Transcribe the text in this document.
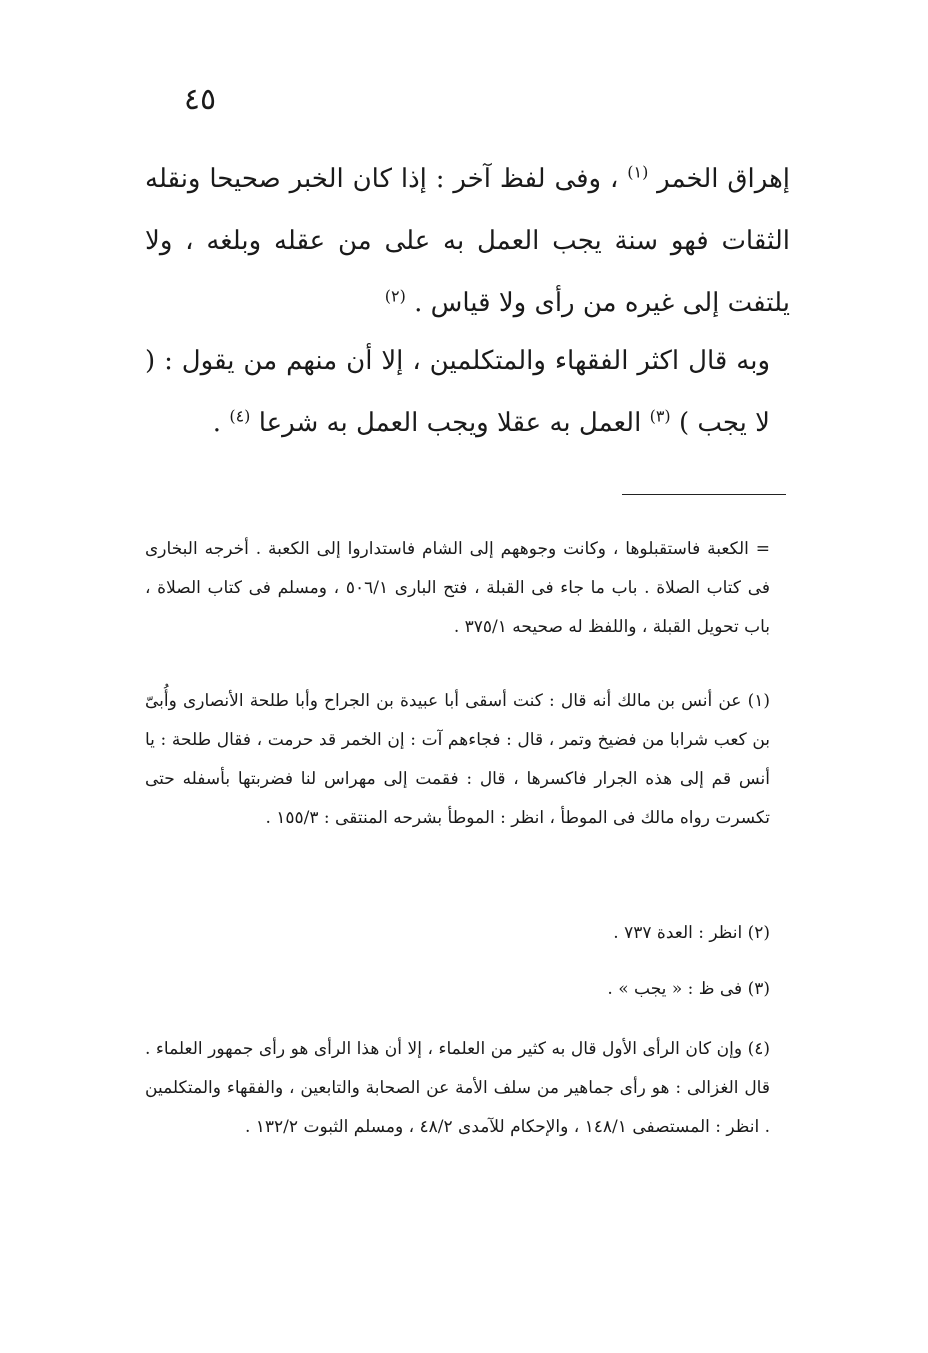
٤٥

إهراق الخمر $^{(١)}$ ، وفى لفظ آخر : إذا كان الخبر صحيحا ونقله الثقات فهو سنة يجب العمل به على من عقله وبلغه ، ولا يلتفت إلى غيره من رأى ولا قياس . $^{(٢)}$

وبه قال اكثر الفقهاء والمتكلمين ، إلا أن منهم من يقول : ( لا يجب ) $^{(٣)}$ العمل به عقلا ويجب العمل به شرعا $^{(٤)}$ .

= الكعبة فاستقبلوها ، وكانت وجوههم إلى الشام فاستداروا إلى الكعبة . أخرجه البخارى فى كتاب الصلاة . باب ما جاء فى القبلة ، فتح البارى ٥٠٦/١ ، ومسلم فى كتاب الصلاة ، باب تحويل القبلة ، واللفظ له صحيحه ٣٧٥/١ .

(١) عن أنس بن مالك أنه قال : كنت أسقى أبا عبيدة بن الجراح وأبا طلحة الأنصارى وأُبىّ بن كعب شرابا من فضيخ وتمر ، قال : فجاءهم آت : إن الخمر قد حرمت ، فقال طلحة : يا أنس قم إلى هذه الجرار فاكسرها ، قال : فقمت إلى مهراس لنا فضربتها بأسفله حتى تكسرت رواه مالك فى الموطأ ، انظر : الموطأ بشرحه المنتقى : ١٥٥/٣ .

(٢) انظر : العدة ٧٣٧ .

(٣) فى ظ : « يجب » .

(٤) وإن كان الرأى الأول قال به كثير من العلماء ، إلا أن هذا الرأى هو رأى جمهور العلماء . قال الغزالى : هو رأى جماهير من سلف الأمة عن الصحابة والتابعين ، والفقهاء والمتكلمين . انظر : المستصفى ١٤٨/١ ، والإحكام للآمدى ٤٨/٢ ، ومسلم الثبوت ١٣٢/٢ .
